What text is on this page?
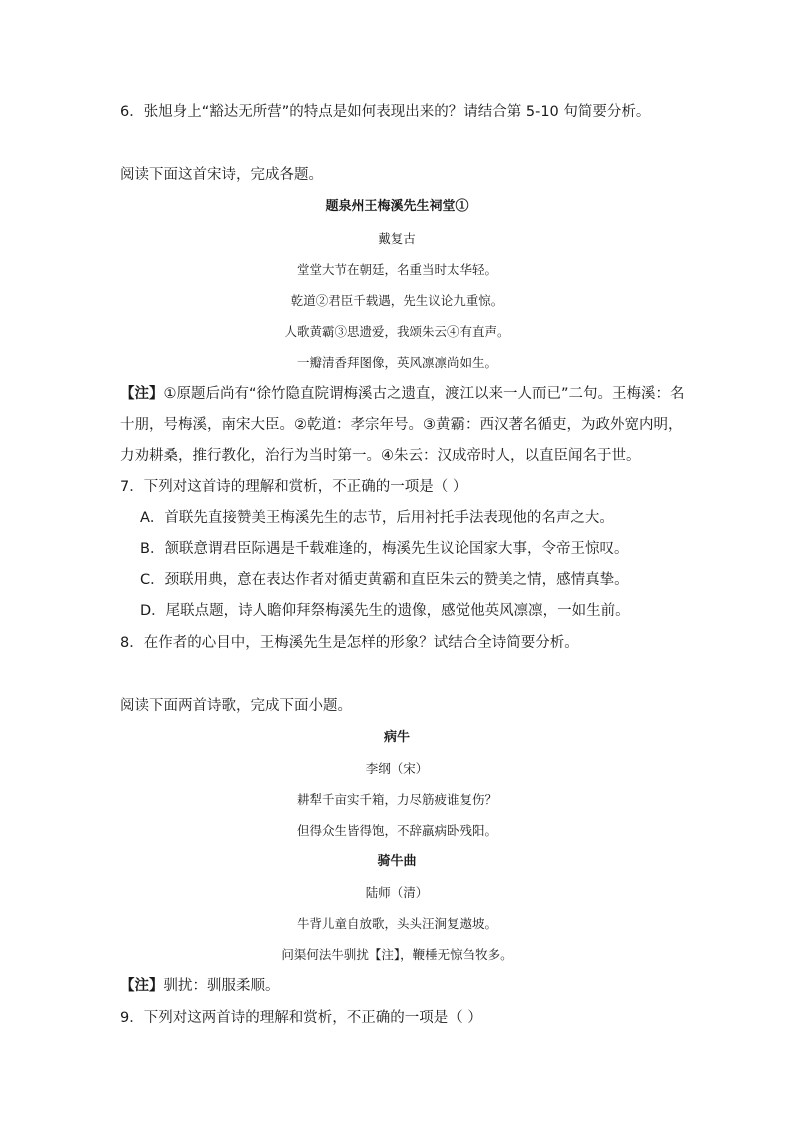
6．张旭身上“豁达无所营”的特点是如何表现出来的？请结合第 5-10 句简要分析。
阅读下面这首宋诗，完成各题。
题泉州王梅溪先生祠堂①
戴复古
堂堂大节在朝廷，名重当时太华轻。
乾道②君臣千载遇，先生议论九重惊。
人歌黄霸③思遗爱，我颂朱云④有直声。
一瓣清香拜图像，英风凛凛尚如生。
【注】①原题后尚有“徐竹隐直院谓梅溪古之遗直，渡江以来一人而已”二句。王梅溪：名
十朋，号梅溪，南宋大臣。②乾道：孝宗年号。③黄霸：西汉著名循吏，为政外宽内明，
力劝耕桑，推行教化，治行为当时第一。④朱云：汉成帝时人，以直臣闻名于世。
7．下列对这首诗的理解和赏析，不正确的一项是（ ）
A．首联先直接赞美王梅溪先生的志节，后用衬托手法表现他的名声之大。
B．颔联意谓君臣际遇是千载难逢的，梅溪先生议论国家大事，令帝王惊叹。
C．颈联用典，意在表达作者对循吏黄霸和直臣朱云的赞美之情，感情真挚。
D．尾联点题，诗人瞻仰拜祭梅溪先生的遗像，感觉他英风凛凛，一如生前。
8．在作者的心目中，王梅溪先生是怎样的形象？试结合全诗简要分析。
阅读下面两首诗歌，完成下面小题。
病牛
李纲（宋）
耕犁千亩实千箱，力尽筋疲谁复伤？
但得众生皆得饱，不辞羸病卧残阳。
骑牛曲
陆师（清）
牛背儿童自放歌，头头汪涧复遨坡。
问渠何法牛驯扰【注】，鞭棰无惊刍牧多。
【注】驯扰：驯服柔顺。
9．下列对这两首诗的理解和赏析，不正确的一项是（ ）
